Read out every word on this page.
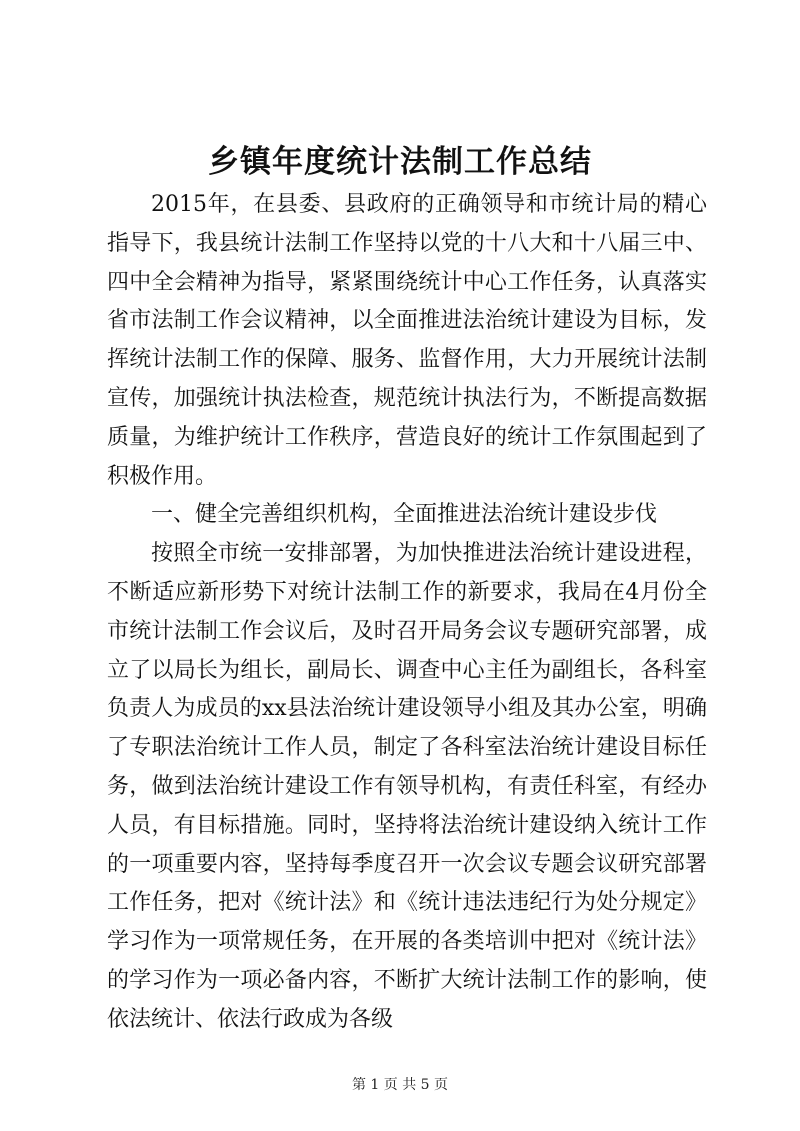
乡镇年度统计法制工作总结

2015年，在县委、县政府的正确领导和市统计局的精心指导下，我县统计法制工作坚持以党的十八大和十八届三中、四中全会精神为指导，紧紧围绕统计中心工作任务，认真落实省市法制工作会议精神，以全面推进法治统计建设为目标，发挥统计法制工作的保障、服务、监督作用，大力开展统计法制宣传，加强统计执法检查，规范统计执法行为，不断提高数据质量，为维护统计工作秩序，营造良好的统计工作氛围起到了积极作用。

一、健全完善组织机构，全面推进法治统计建设步伐

按照全市统一安排部署，为加快推进法治统计建设进程，不断适应新形势下对统计法制工作的新要求，我局在4月份全市统计法制工作会议后，及时召开局务会议专题研究部署，成立了以局长为组长，副局长、调查中心主任为副组长，各科室负责人为成员的xx县法治统计建设领导小组及其办公室，明确了专职法治统计工作人员，制定了各科室法治统计建设目标任务，做到法治统计建设工作有领导机构，有责任科室，有经办人员，有目标措施。同时，坚持将法治统计建设纳入统计工作的一项重要内容，坚持每季度召开一次会议专题会议研究部署工作任务，把对《统计法》和《统计违法违纪行为处分规定》学习作为一项常规任务，在开展的各类培训中把对《统计法》的学习作为一项必备内容，不断扩大统计法制工作的影响，使依法统计、依法行政成为各级

第 1 页 共 5 页
